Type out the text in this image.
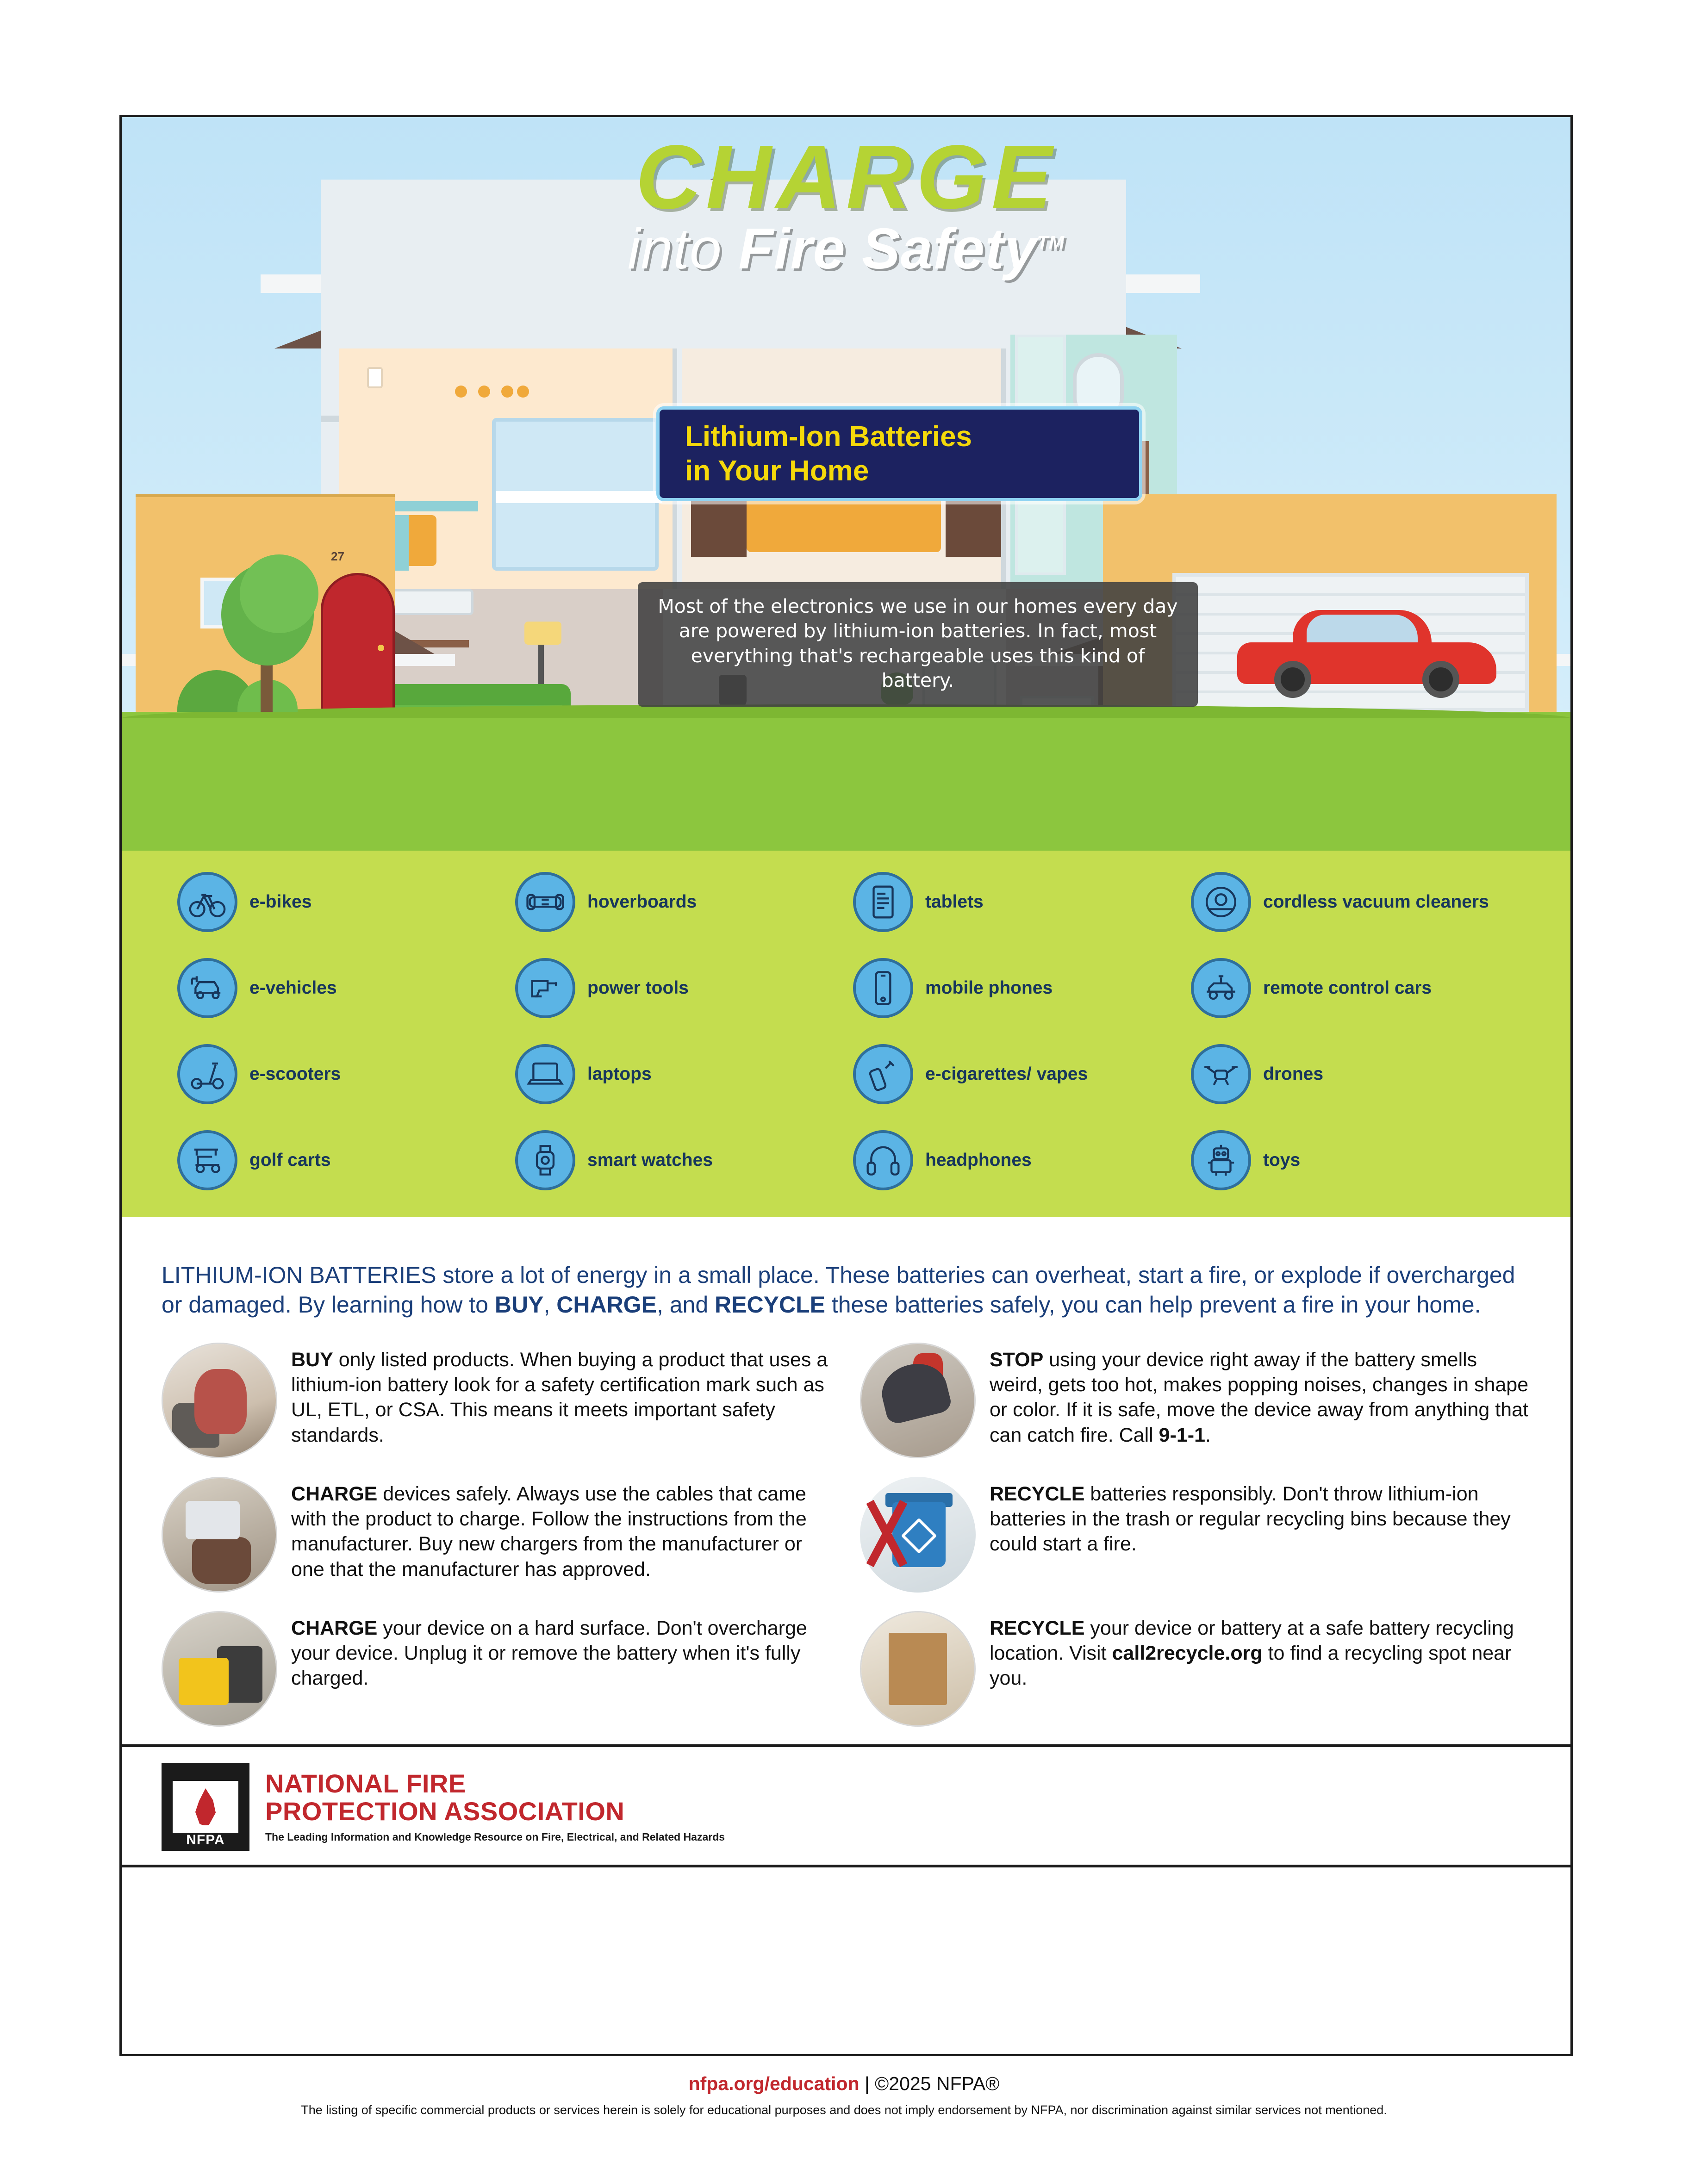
27
CHARGE
into Fire Safety™
Lithium-Ion Batteries
in Your Home
Most of the electronics we use in our homes every day are powered by lithium-ion batteries. In fact, most everything that's rechargeable uses this kind of battery.
e-bikes	hoverboards	tablets	cordless vacuum cleaners
e-vehicles	power tools	mobile phones	remote control cars
e-scooters	laptops	e-cigarettes/ vapes	drones
golf carts	smart watches	headphones	toys

LITHIUM-ION BATTERIES store a lot of energy in a small place. These batteries can overheat, start a fire, or explode if overcharged or damaged. By learning how to BUY, CHARGE, and RECYCLE these batteries safely, you can help prevent a fire in your home.

BUY only listed products. When buying a product that uses a lithium-ion battery look for a safety certification mark such as UL, ETL, or CSA. This means it meets important safety standards.
STOP using your device right away if the battery smells weird, gets too hot, makes popping noises, changes in shape or color. If it is safe, move the device away from anything that can catch fire. Call 9-1-1.
CHARGE devices safely. Always use the cables that came with the product to charge. Follow the instructions from the manufacturer. Buy new chargers from the manufacturer or one that the manufacturer has approved.
RECYCLE batteries responsibly. Don't throw lithium-ion batteries in the trash or regular recycling bins because they could start a fire.
CHARGE your device on a hard surface. Don't overcharge your device. Unplug it or remove the battery when it's fully charged.
RECYCLE your device or battery at a safe battery recycling location. Visit call2recycle.org to find a recycling spot near you.
NFPA
NATIONAL FIRE
PROTECTION ASSOCIATION
The Leading Information and Knowledge Resource on Fire, Electrical, and Related Hazards
nfpa.org/education | ©2025 NFPA®
The listing of specific commercial products or services herein is solely for educational purposes and does not imply endorsement by NFPA, nor discrimination against similar services not mentioned.
